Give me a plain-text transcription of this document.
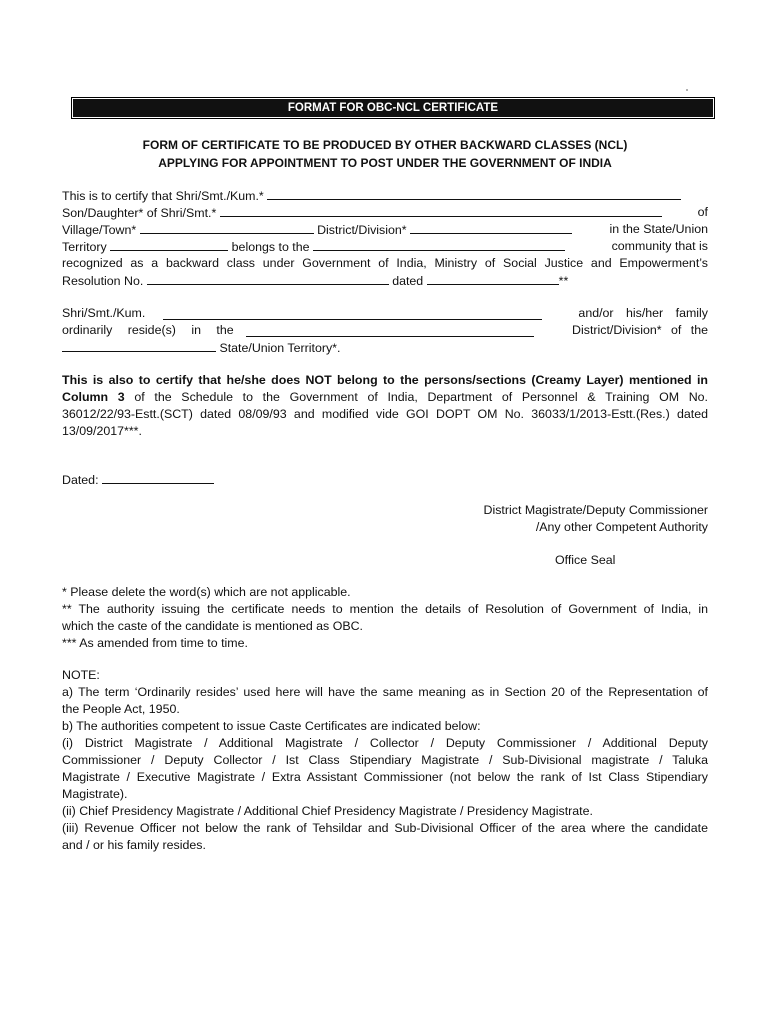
FORMAT FOR OBC-NCL CERTIFICATE
FORM OF CERTIFICATE TO BE PRODUCED BY OTHER BACKWARD CLASSES (NCL)
APPLYING FOR APPOINTMENT TO POST UNDER THE GOVERNMENT OF INDIA
This is to certify that Shri/Smt./Kum.*
Son/Daughter* of Shri/Smt.*	of
Village/Town*	District/Division*	in the State/Union
Territory	belongs to the	community that is
recognized as a backward class under Government of India, Ministry of Social Justice and Empowerment’s
Resolution No.	dated	**
Shri/Smt./Kum.	and/or his/her family
ordinarily reside(s) in the	District/Division* of the
State/Union Territory*.
This is also to certify that he/she does NOT belong to the persons/sections (Creamy Layer) mentioned in
Column 3 of the Schedule to the Government of India, Department of Personnel & Training OM No.
36012/22/93-Estt.(SCT) dated 08/09/93 and modified vide GOI DOPT OM No. 36033/1/2013-Estt.(Res.) dated
13/09/2017***.
Dated:
District Magistrate/Deputy Commissioner
/Any other Competent Authority
Office Seal
* Please delete the word(s) which are not applicable.
** The authority issuing the certificate needs to mention the details of Resolution of Government of India, in
which the caste of the candidate is mentioned as OBC.
*** As amended from time to time.
NOTE:
a) The term ‘Ordinarily resides’ used here will have the same meaning as in Section 20 of the Representation of
the People Act, 1950.
b) The authorities competent to issue Caste Certificates are indicated below:
(i) District Magistrate / Additional Magistrate / Collector / Deputy Commissioner / Additional Deputy
Commissioner / Deputy Collector / Ist Class Stipendiary Magistrate / Sub-Divisional magistrate / Taluka
Magistrate / Executive Magistrate / Extra Assistant Commissioner (not below the rank of Ist Class Stipendiary
Magistrate).
(ii) Chief Presidency Magistrate / Additional Chief Presidency Magistrate / Presidency Magistrate.
(iii) Revenue Officer not below the rank of Tehsildar and Sub-Divisional Officer of the area where the candidate
and / or his family resides.
